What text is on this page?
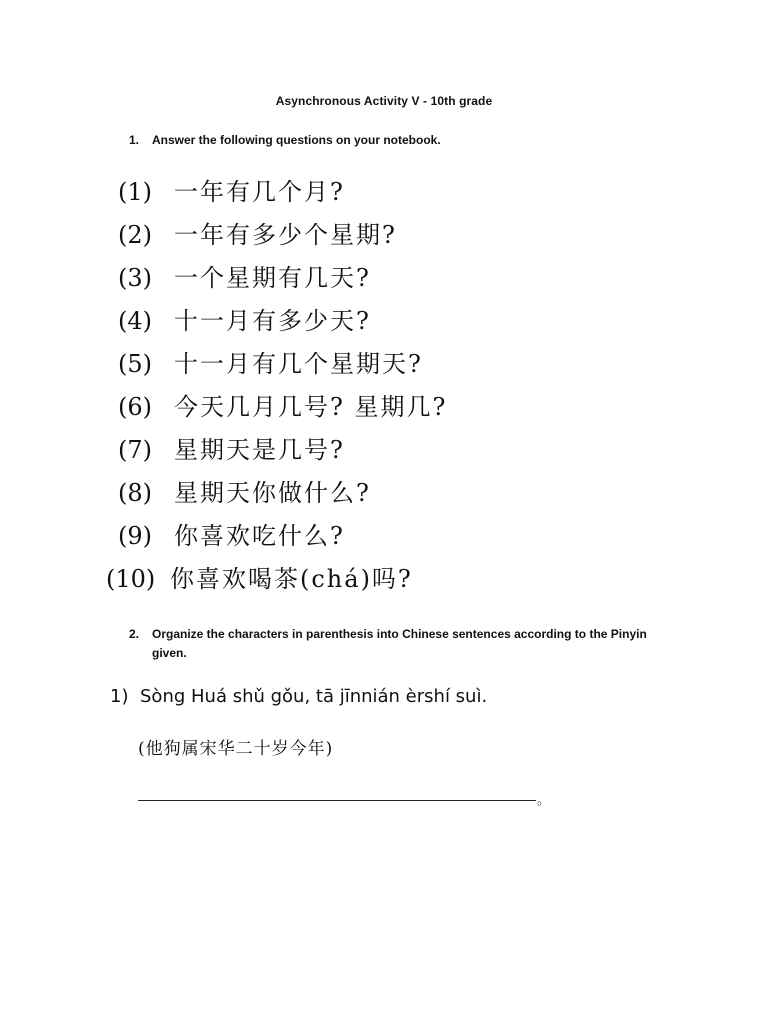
Asynchronous Activity V - 10th grade
1.	Answer the following questions on your notebook.
(1) 一年有几个月?
(2) 一年有多少个星期?
(3) 一个星期有几天?
(4) 十一月有多少天?
(5) 十一月有几个星期天?
(6) 今天几月几号? 星期几?
(7) 星期天是几号?
(8) 星期天你做什么?
(9) 你喜欢吃什么?
(10) 你喜欢喝茶(chá)吗?
2.	Organize the characters in parenthesis into Chinese sentences according to the Pinyin given.
1) Sòng Huá shǔ gǒu, tā jīnnián èrshí suì.
(他狗属宋华二十岁今年)
。
